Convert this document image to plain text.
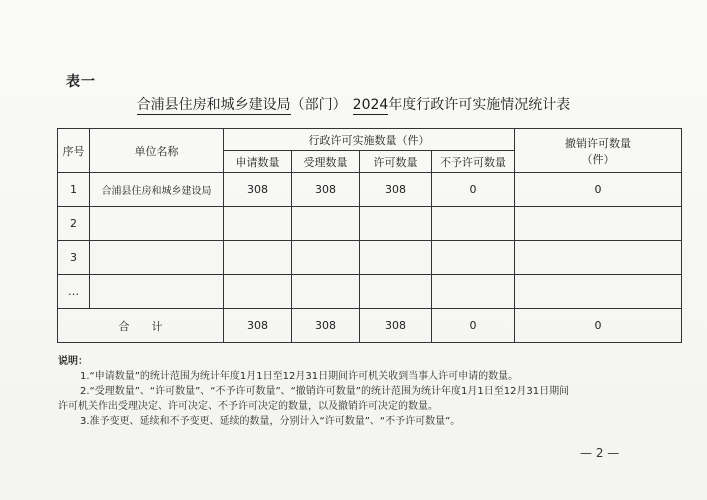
表一
合浦县住房和城乡建设局（部门） 2024年度行政许可实施情况统计表
序号	单位名称	行政许可实施数量（件）				撤销许可数量
（件）

		申请数量	受理数量	许可数量	不予许可数量	
1	合浦县住房和城乡建设局	308	308	308	0	0
2						
3						
…						
合　　计		308	308	308	0	0
说明：
1.“申请数量”的统计范围为统计年度1月1日至12月31日期间许可机关收到当事人许可申请的数量。
2.“受理数量”、“许可数量”、“不予许可数量”、“撤销许可数量”的统计范围为统计年度1月1日至12月31日期间
许可机关作出受理决定、许可决定、不予许可决定的数量，以及撤销许可决定的数量。
3.准予变更、延续和不予变更、延续的数量，分别计入“许可数量”、“不予许可数量”。
— 2 —
